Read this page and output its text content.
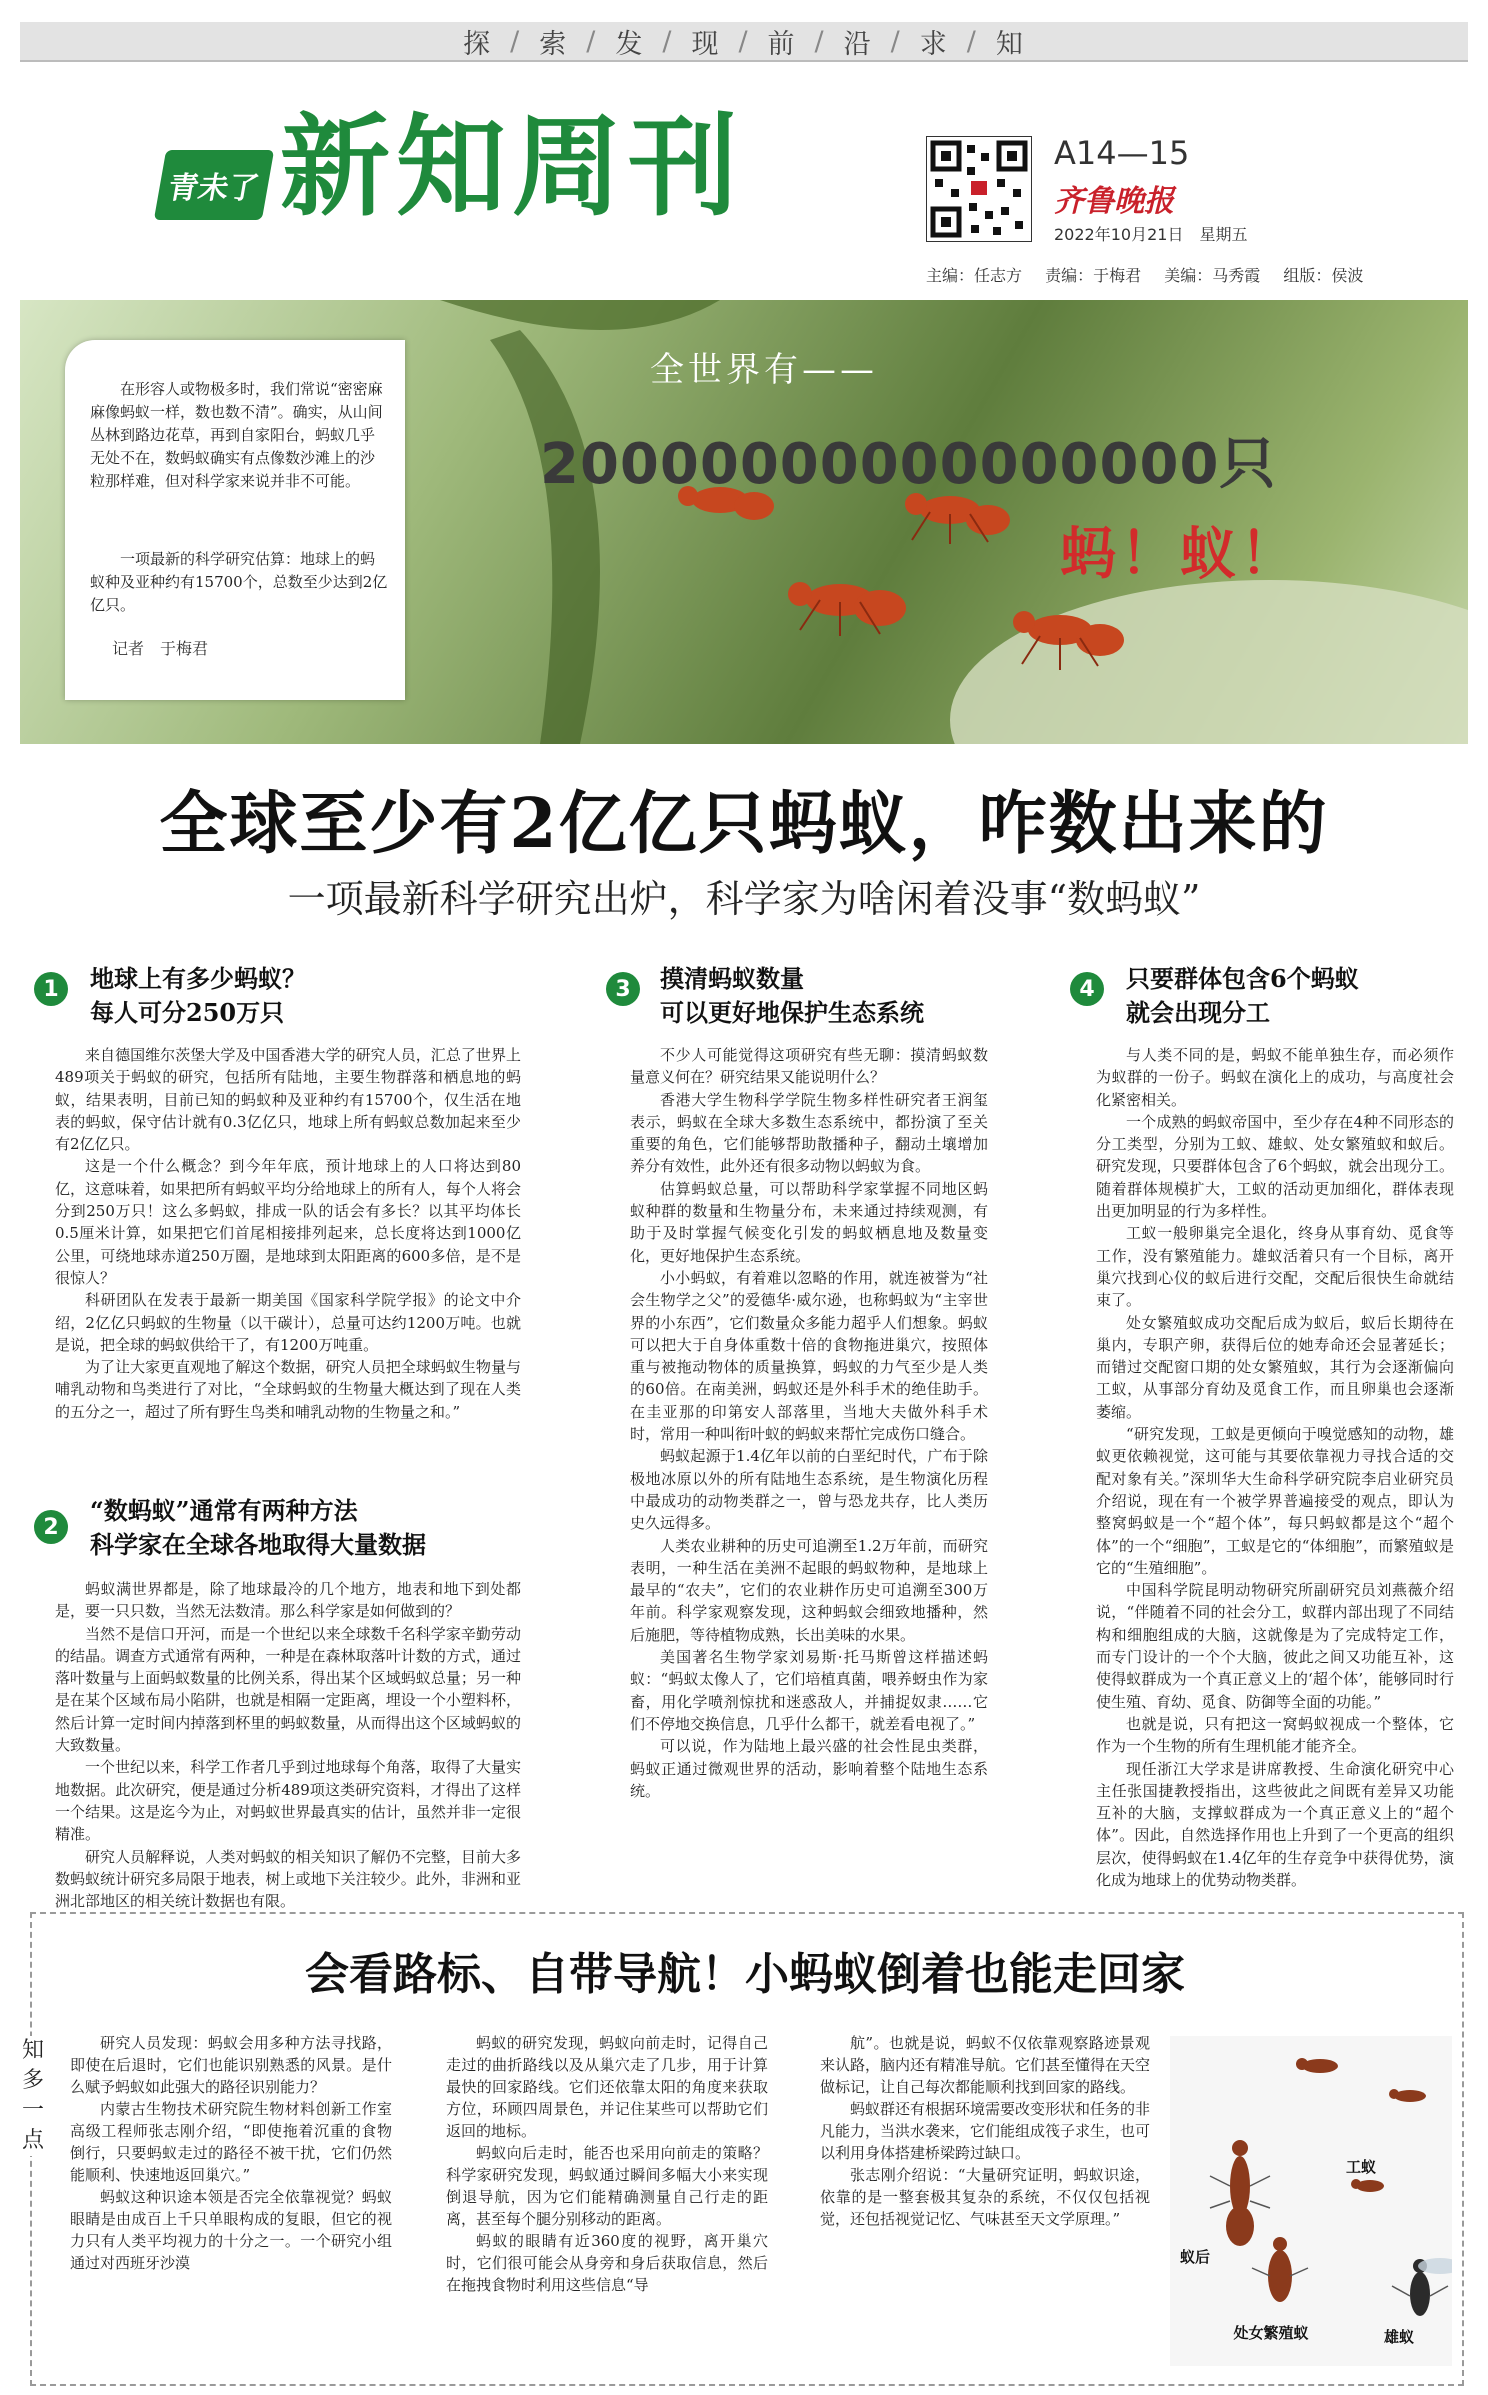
探 / 索 / 发 / 现 / 前 / 沿 / 求 / 知
青未了 新知周刊	A14—15
齐鲁晚报
2022年10月21日　星期五
主编：任志方 责编：于梅君 美编：马秀霞 组版：侯波

在形容人或物极多时，我们常说“密密麻麻像蚂蚁一样，数也数不清”。确实，从山间丛林到路边花草，再到自家阳台，蚂蚁几乎无处不在，数蚂蚁确实有点像数沙滩上的沙粒那样难，但对科学家来说并非不可能。

一项最新的科学研究估算：地球上的蚂蚁种及亚种约有15700个，总数至少达到2亿亿只。

记者　于梅君
全世界有——
20000000000000000只
蚂！蚁！
全球至少有2亿亿只蚂蚁，咋数出来的
一项最新科学研究出炉，科学家为啥闲着没事“数蚂蚁”
1	地球上有多少蚂蚁？
每人可分250万只

来自德国维尔茨堡大学及中国香港大学的研究人员，汇总了世界上489项关于蚂蚁的研究，包括所有陆地，主要生物群落和栖息地的蚂蚁，结果表明，目前已知的蚂蚁种及亚种约有15700个，仅生活在地表的蚂蚁，保守估计就有0.3亿亿只，地球上所有蚂蚁总数加起来至少有2亿亿只。

这是一个什么概念？到今年年底，预计地球上的人口将达到80亿，这意味着，如果把所有蚂蚁平均分给地球上的所有人，每个人将会分到250万只！这么多蚂蚁，排成一队的话会有多长？以其平均体长0.5厘米计算，如果把它们首尾相接排列起来，总长度将达到1000亿公里，可绕地球赤道250万圈，是地球到太阳距离的600多倍，是不是很惊人？

科研团队在发表于最新一期美国《国家科学院学报》的论文中介绍，2亿亿只蚂蚁的生物量（以干碳计），总量可达约1200万吨。也就是说，把全球的蚂蚁供给干了，有1200万吨重。

为了让大家更直观地了解这个数据，研究人员把全球蚂蚁生物量与哺乳动物和鸟类进行了对比，“全球蚂蚁的生物量大概达到了现在人类的五分之一，超过了所有野生鸟类和哺乳动物的生物量之和。”

2
“数蚂蚁”通常有两种方法
科学家在全球各地取得大量数据

蚂蚁满世界都是，除了地球最冷的几个地方，地表和地下到处都是，要一只只数，当然无法数清。那么科学家是如何做到的？

当然不是信口开河，而是一个世纪以来全球数千名科学家辛勤劳动的结晶。调查方式通常有两种，一种是在森林取落叶计数的方式，通过落叶数量与上面蚂蚁数量的比例关系，得出某个区域蚂蚁总量；另一种是在某个区域布局小陷阱，也就是相隔一定距离，埋设一个小塑料杯，然后计算一定时间内掉落到杯里的蚂蚁数量，从而得出这个区域蚂蚁的大致数量。

一个世纪以来，科学工作者几乎到过地球每个角落，取得了大量实地数据。此次研究，便是通过分析489项这类研究资料，才得出了这样一个结果。这是迄今为止，对蚂蚁世界最真实的估计，虽然并非一定很精准。

研究人员解释说，人类对蚂蚁的相关知识了解仍不完整，目前大多数蚂蚁统计研究多局限于地表，树上或地下关注较少。此外，非洲和亚洲北部地区的相关统计数据也有限。

3	摸清蚂蚁数量
可以更好地保护生态系统

不少人可能觉得这项研究有些无聊：摸清蚂蚁数量意义何在？研究结果又能说明什么？

香港大学生物科学学院生物多样性研究者王润玺表示，蚂蚁在全球大多数生态系统中，都扮演了至关重要的角色，它们能够帮助散播种子，翻动土壤增加养分有效性，此外还有很多动物以蚂蚁为食。

估算蚂蚁总量，可以帮助科学家掌握不同地区蚂蚁种群的数量和生物量分布，未来通过持续观测，有助于及时掌握气候变化引发的蚂蚁栖息地及数量变化，更好地保护生态系统。

小小蚂蚁，有着难以忽略的作用，就连被誉为“社会生物学之父”的爱德华·威尔逊，也称蚂蚁为“主宰世界的小东西”，它们数量众多能力超乎人们想象。蚂蚁可以把大于自身体重数十倍的食物拖进巢穴，按照体重与被拖动物体的质量换算，蚂蚁的力气至少是人类的60倍。在南美洲，蚂蚁还是外科手术的绝佳助手。在圭亚那的印第安人部落里，当地大夫做外科手术时，常用一种叫衔叶蚁的蚂蚁来帮忙完成伤口缝合。

蚂蚁起源于1.4亿年以前的白垩纪时代，广布于除极地冰原以外的所有陆地生态系统，是生物演化历程中最成功的动物类群之一，曾与恐龙共存，比人类历史久远得多。

人类农业耕种的历史可追溯至1.2万年前，而研究表明，一种生活在美洲不起眼的蚂蚁物种，是地球上最早的“农夫”，它们的农业耕作历史可追溯至300万年前。科学家观察发现，这种蚂蚁会细致地播种，然后施肥，等待植物成熟，长出美味的水果。

美国著名生物学家刘易斯·托马斯曾这样描述蚂蚁：“蚂蚁太像人了，它们培植真菌，喂养蚜虫作为家畜，用化学喷剂惊扰和迷惑敌人，并捕捉奴隶……它们不停地交换信息，几乎什么都干，就差看电视了。”

可以说，作为陆地上最兴盛的社会性昆虫类群，蚂蚁正通过微观世界的活动，影响着整个陆地生态系统。

4	只要群体包含6个蚂蚁
就会出现分工

与人类不同的是，蚂蚁不能单独生存，而必须作为蚁群的一份子。蚂蚁在演化上的成功，与高度社会化紧密相关。

一个成熟的蚂蚁帝国中，至少存在4种不同形态的分工类型，分别为工蚁、雄蚁、处女繁殖蚁和蚁后。研究发现，只要群体包含了6个蚂蚁，就会出现分工。随着群体规模扩大，工蚁的活动更加细化，群体表现出更加明显的行为多样性。

工蚁一般卵巢完全退化，终身从事育幼、觅食等工作，没有繁殖能力。雄蚁活着只有一个目标，离开巢穴找到心仪的蚁后进行交配，交配后很快生命就结束了。

处女繁殖蚁成功交配后成为蚁后，蚁后长期待在巢内，专职产卵，获得后位的她寿命还会显著延长；而错过交配窗口期的处女繁殖蚁，其行为会逐渐偏向工蚁，从事部分育幼及觅食工作，而且卵巢也会逐渐萎缩。

“研究发现，工蚁是更倾向于嗅觉感知的动物，雄蚁更依赖视觉，这可能与其要依靠视力寻找合适的交配对象有关。”深圳华大生命科学研究院李启业研究员介绍说，现在有一个被学界普遍接受的观点，即认为整窝蚂蚁是一个“超个体”，每只蚂蚁都是这个“超个体”的一个“细胞”，工蚁是它的“体细胞”，而繁殖蚁是它的“生殖细胞”。

中国科学院昆明动物研究所副研究员刘燕薇介绍说，“伴随着不同的社会分工，蚁群内部出现了不同结构和细胞组成的大脑，这就像是为了完成特定工作，而专门设计的一个个大脑，彼此之间又功能互补，这使得蚁群成为一个真正意义上的‘超个体’，能够同时行使生殖、育幼、觅食、防御等全面的功能。”

也就是说，只有把这一窝蚂蚁视成一个整体，它作为一个生物的所有生理机能才能齐全。

现任浙江大学求是讲席教授、生命演化研究中心主任张国捷教授指出，这些彼此之间既有差异又功能互补的大脑，支撑蚁群成为一个真正意义上的“超个体”。因此，自然选择作用也上升到了一个更高的组织层次，使得蚂蚁在1.4亿年的生存竞争中获得优势，演化成为地球上的优势动物类群。

会看路标、自带导航！小蚂蚁倒着也能走回家
知多一点

研究人员发现：蚂蚁会用多种方法寻找路，即使在后退时，它们也能识别熟悉的风景。是什么赋予蚂蚁如此强大的路径识别能力？

内蒙古生物技术研究院生物材料创新工作室高级工程师张志刚介绍，“即使拖着沉重的食物倒行，只要蚂蚁走过的路径不被干扰，它们仍然能顺利、快速地返回巢穴。”

蚂蚁这种识途本领是否完全依靠视觉？蚂蚁眼睛是由成百上千只单眼构成的复眼，但它的视力只有人类平均视力的十分之一。一个研究小组通过对西班牙沙漠

蚂蚁的研究发现，蚂蚁向前走时，记得自己走过的曲折路线以及从巢穴走了几步，用于计算最快的回家路线。它们还依靠太阳的角度来获取方位，环顾四周景色，并记住某些可以帮助它们返回的地标。

蚂蚁向后走时，能否也采用向前走的策略？科学家研究发现，蚂蚁通过瞬间多幅大小来实现倒退导航，因为它们能精确测量自己行走的距离，甚至每个腿分别移动的距离。

蚂蚁的眼睛有近360度的视野，离开巢穴时，它们很可能会从身旁和身后获取信息，然后在拖拽食物时利用这些信息“导

航”。也就是说，蚂蚁不仅依靠观察路迹景观来认路，脑内还有精准导航。它们甚至懂得在天空做标记，让自己每次都能顺利找到回家的路线。

蚂蚁群还有根据环境需要改变形状和任务的非凡能力，当洪水袭来，它们能组成筏子求生，也可以利用身体搭建桥梁跨过缺口。

张志刚介绍说：“大量研究证明，蚂蚁识途，依靠的是一整套极其复杂的系统，不仅仅包括视觉，还包括视觉记忆、气味甚至天文学原理。”

蚁后
工蚁
处女繁殖蚁	雄蚁
